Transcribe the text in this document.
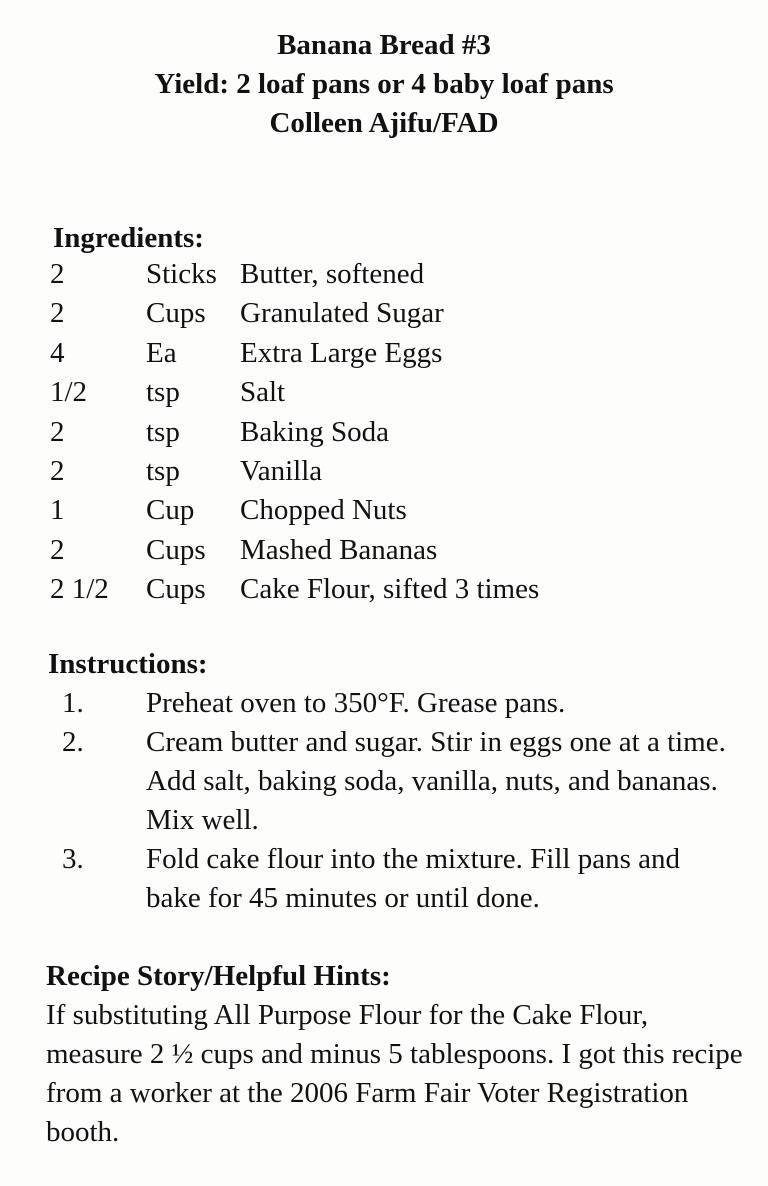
Banana Bread #3
Yield: 2 loaf pans or 4 baby loaf pans
Colleen Ajifu/FAD
Ingredients:
2	Sticks Butter, softened
2	Cups	Granulated Sugar
4	Ea	Extra Large Eggs
1/2	tsp	Salt
2	tsp	Baking Soda
2	tsp	Vanilla
1	Cup	Chopped Nuts
2	Cups	Mashed Bananas
2 1/2	Cups	Cake Flour, sifted 3 times
Instructions:
1.	Preheat oven to 350°F. Grease pans.
2.	Cream butter and sugar. Stir in eggs one at a time. Add salt, baking soda, vanilla, nuts, and bananas. Mix well.
3.	Fold cake flour into the mixture. Fill pans and bake for 45 minutes or until done.
Recipe Story/Helpful Hints:
If substituting All Purpose Flour for the Cake Flour, measure 2 ½ cups and minus 5 tablespoons. I got this recipe from a worker at the 2006 Farm Fair Voter Registration booth.
